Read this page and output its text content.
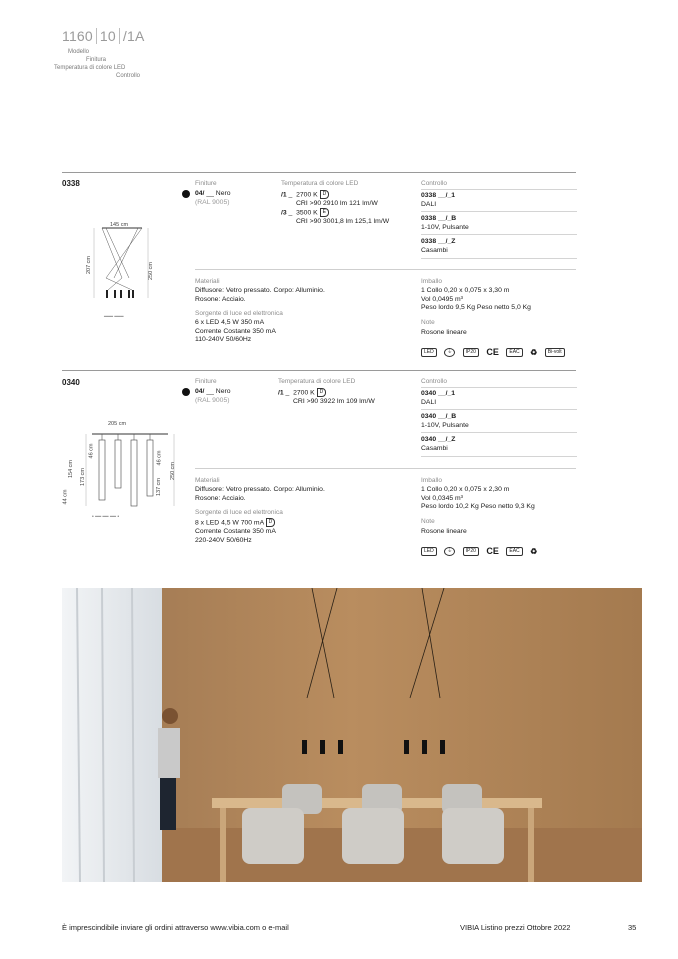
1160 10 /1A
Modello
Finitura
Temperatura di colore LED
Controllo
0338
━━━ ━━━
145 cm
207 cm	250 cm
Finiture
04/ __ Nero
(RAL 9005)
Temperatura di colore LED
/1 _  2700 K D
CRI >90 2910 lm 121 lm/W
/3 _  3500 K E
CRI >90 3001,8 lm 125,1 lm/W
Controllo
0338 __/_1
DALI
0338 __/_B
1-10V, Pulsante
0338 __/_Z
Casambi
Materiali
Diffusore: Vetro pressato. Corpo: Alluminio.
Rosone: Acciaio.
Sorgente di luce ed elettronica
6 x LED 4,5 W 350 mA
Corrente Costante 350 mA
110-240V 50/60Hz
Imballo
1 Collo 0,20 x 0,075 x 3,30 m
Vol 0,0495 m³
Peso lordo 9,5 Kg Peso netto 5,0 Kg
Note
Rosone lineare
LED	⏚	IP20 CE EAC ♻ Bi-volt
0340
• ━━ ━━ ━━ •
205 cm
44 cm
154 cm 173 cm
46 cm
137 cm
46 cm
250 cm
Finiture
04/ __ Nero
(RAL 9005)
Temperatura di colore LED
/1 _  2700 K D
CRI >90 3922 lm 109 lm/W
Controllo
0340 __/_1
DALI
0340 __/_B
1-10V, Pulsante
0340 __/_Z
Casambi
Materiali
Diffusore: Vetro pressato. Corpo: Alluminio.
Rosone: Acciaio.
Sorgente di luce ed elettronica
8 x LED 4,5 W 700 mA D
Corrente Costante 350 mA
220-240V 50/60Hz
Imballo
1 Collo 0,20 x 0,075 x 2,30 m
Vol 0,0345 m³
Peso lordo 10,2 Kg Peso netto 9,3 Kg
Note
Rosone lineare
LED	⏚	IP20 CE EAC ♻
È imprescindibile inviare gli ordini attraverso www.vibia.com o e-mail	VIBIA Listino prezzi Ottobre 2022	35
